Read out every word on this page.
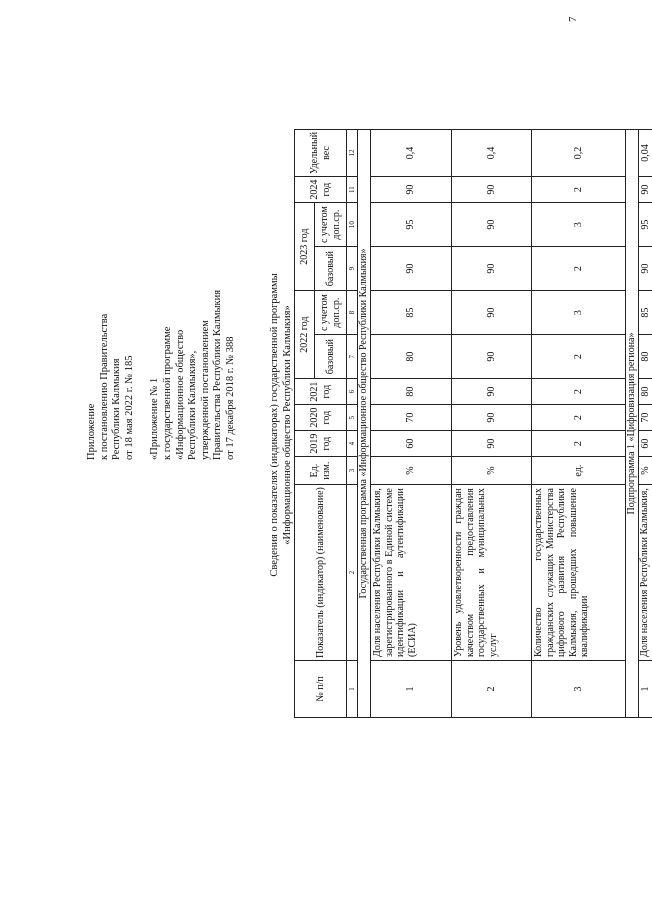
7
Приложение к постановлению Правительства Республики Калмыкия от 18 мая 2022 г. № 185 «Приложение № 1 к государственной программе «Информационное общество Республики Калмыкия», утвержденной постановлением Правительства Республики Калмыкия от 17 декабря 2018 г. № 388	Сведения о показателях (индикаторах) государственной программы «Информационное общество Республики Калмыкия»
№ п/п	Показатель (индикатор) (наименование)	Ед. изм.	2019 год	2020 год	2021 год	2022 год		2023 год		2024 год	Удельный вес
						базовый	с учетом доп.ср.	базовый	с учетом доп.ср.		
1	2	3	4	5	6	7	8	9	10	11	12
Государственная программа «Информационное общество Республики Калмыкия»											
1	Доля населения Республики Калмыкия, зарегистрированного в Единой системе идентификации и аутентификации (ЕСИА)	%	60	70	80	80	85	90	95	90	0,4
2	Уровень удовлетворенности граждан качеством предоставления государственных и муниципальных услуг	%	90	90	90	90	90	90	90	90	0,4
3	Количество государственных гражданских служащих Министерства цифрового развития Республики Калмыкия, прошедших повышение квалификации	ед.	2	2	2	2	3	2	3	2	0,2
Подпрограмма 1 «Цифровизация региона»											
1	Доля населения Республики Калмыкия,	%	60	70	80	80	85	90	95	90	0,04
